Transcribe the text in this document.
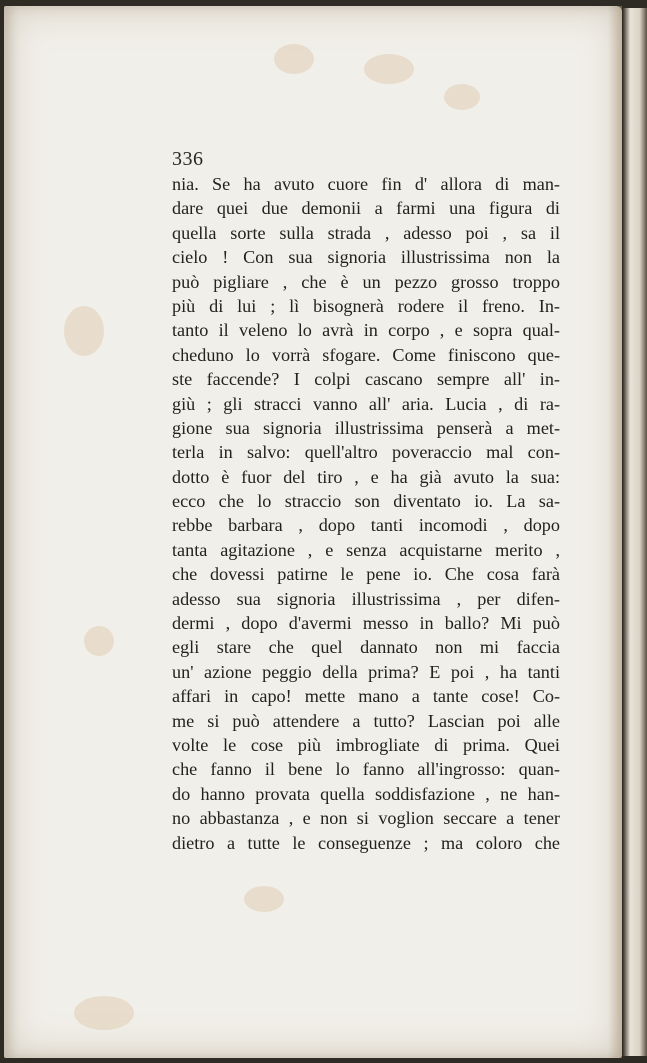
336
nia. Se ha avuto cuore fin d' allora di man-
dare quei due demonii a farmi una figura di
quella sorte sulla strada , adesso poi , sa il
cielo ! Con sua signoria illustrissima non la
può pigliare , che è un pezzo grosso troppo
più di lui ; lì bisognerà rodere il freno. In-
tanto il veleno lo avrà in corpo , e sopra qual-
cheduno lo vorrà sfogare. Come finiscono que-
ste faccende? I colpi cascano sempre all' in-
giù ; gli stracci vanno all' aria. Lucia , di ra-
gione sua signoria illustrissima penserà a met-
terla in salvo: quell'altro poveraccio mal con-
dotto è fuor del tiro , e ha già avuto la sua:
ecco che lo straccio son diventato io. La sa-
rebbe barbara , dopo tanti incomodi , dopo
tanta agitazione , e senza acquistarne merito ,
che dovessi patirne le pene io. Che cosa farà
adesso sua signoria illustrissima , per difen-
dermi , dopo d'avermi messo in ballo? Mi può
egli stare che quel dannato non mi faccia
un' azione peggio della prima? E poi , ha tanti
affari in capo! mette mano a tante cose! Co-
me si può attendere a tutto? Lascian poi alle
volte le cose più imbrogliate di prima. Quei
che fanno il bene lo fanno all'ingrosso: quan-
do hanno provata quella soddisfazione , ne han-
no abbastanza , e non si voglion seccare a tener
dietro a tutte le conseguenze ; ma coloro che
